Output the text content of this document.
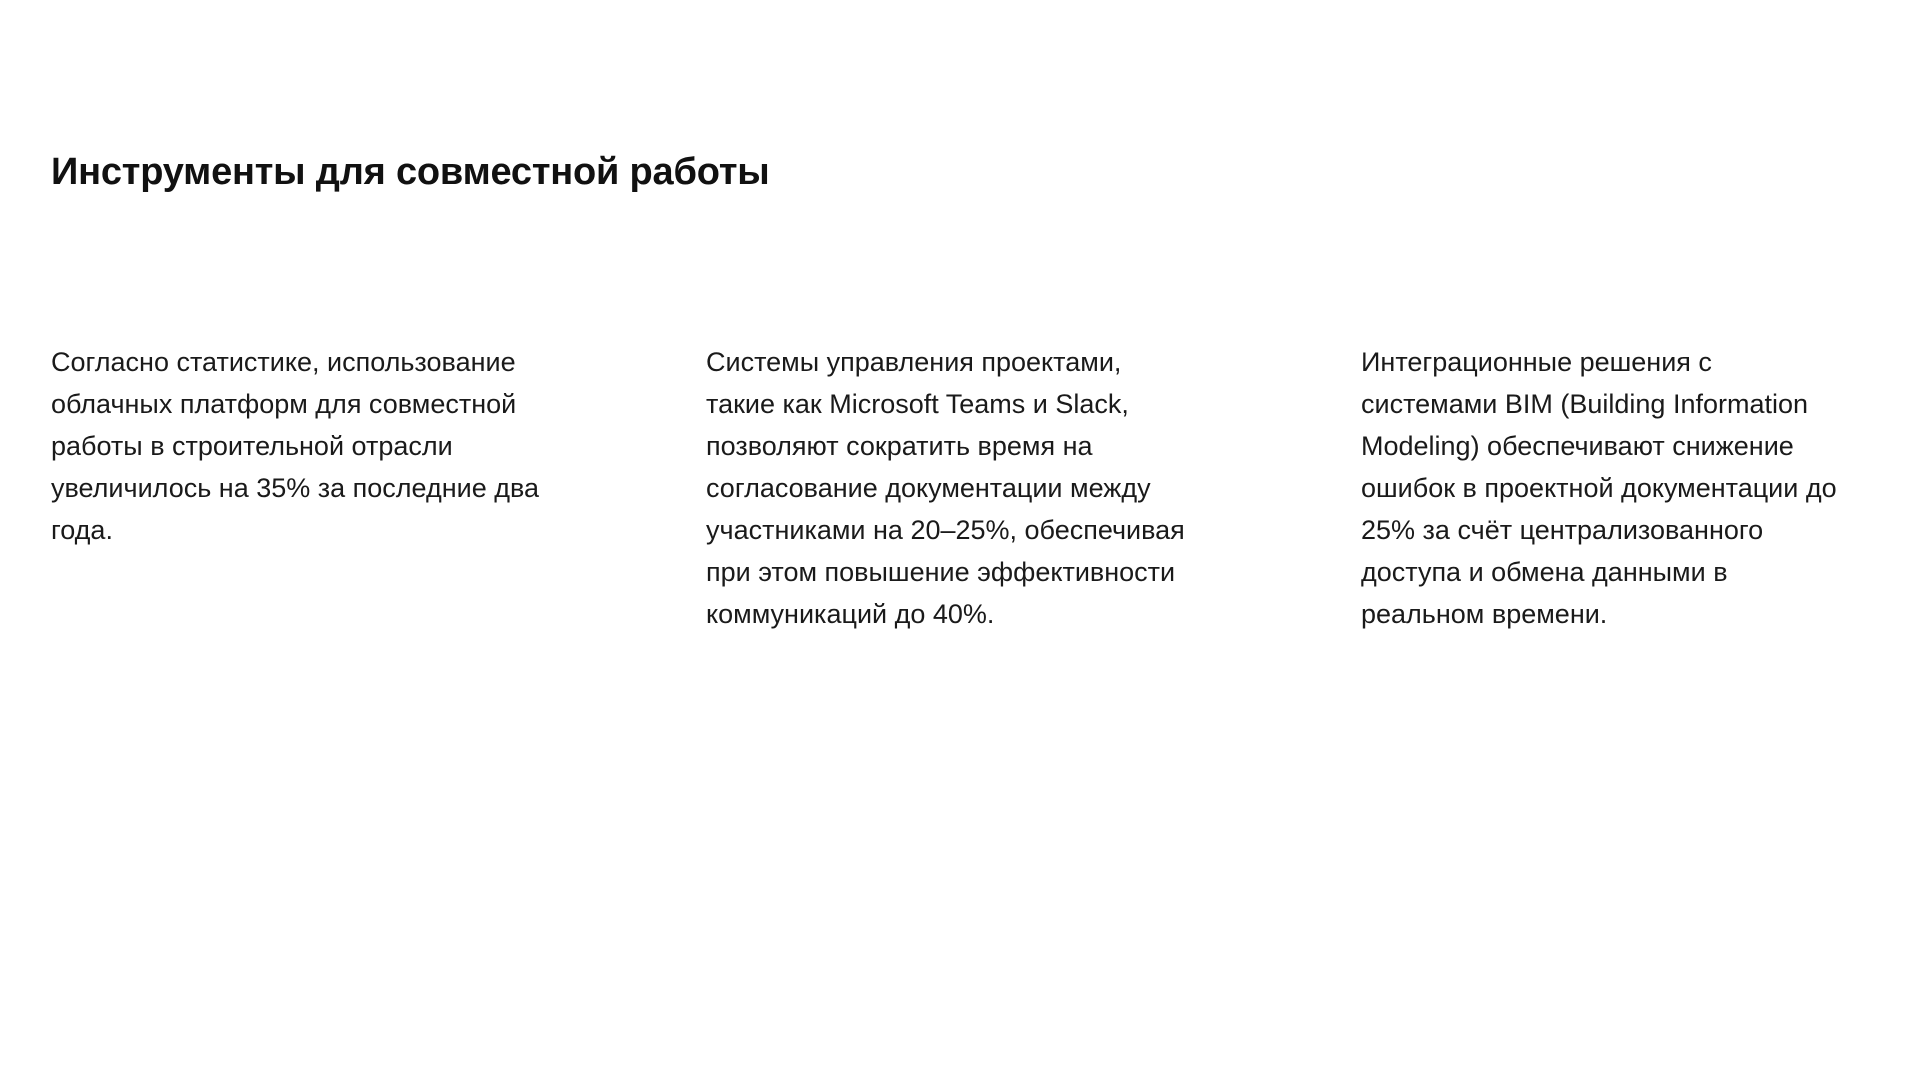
Инструменты для совместной работы

Согласно статистике, использование
облачных платформ для совместной
работы в строительной отрасли
увеличилось на 35% за последние два
года.

Системы управления проектами,
такие как Microsoft Teams и Slack,
позволяют сократить время на
согласование документации между
участниками на 20–25%, обеспечивая
при этом повышение эффективности
коммуникаций до 40%.

Интеграционные решения с
системами BIM (Building Information
Modeling) обеспечивают снижение
ошибок в проектной документации до
25% за счёт централизованного
доступа и обмена данными в
реальном времени.
